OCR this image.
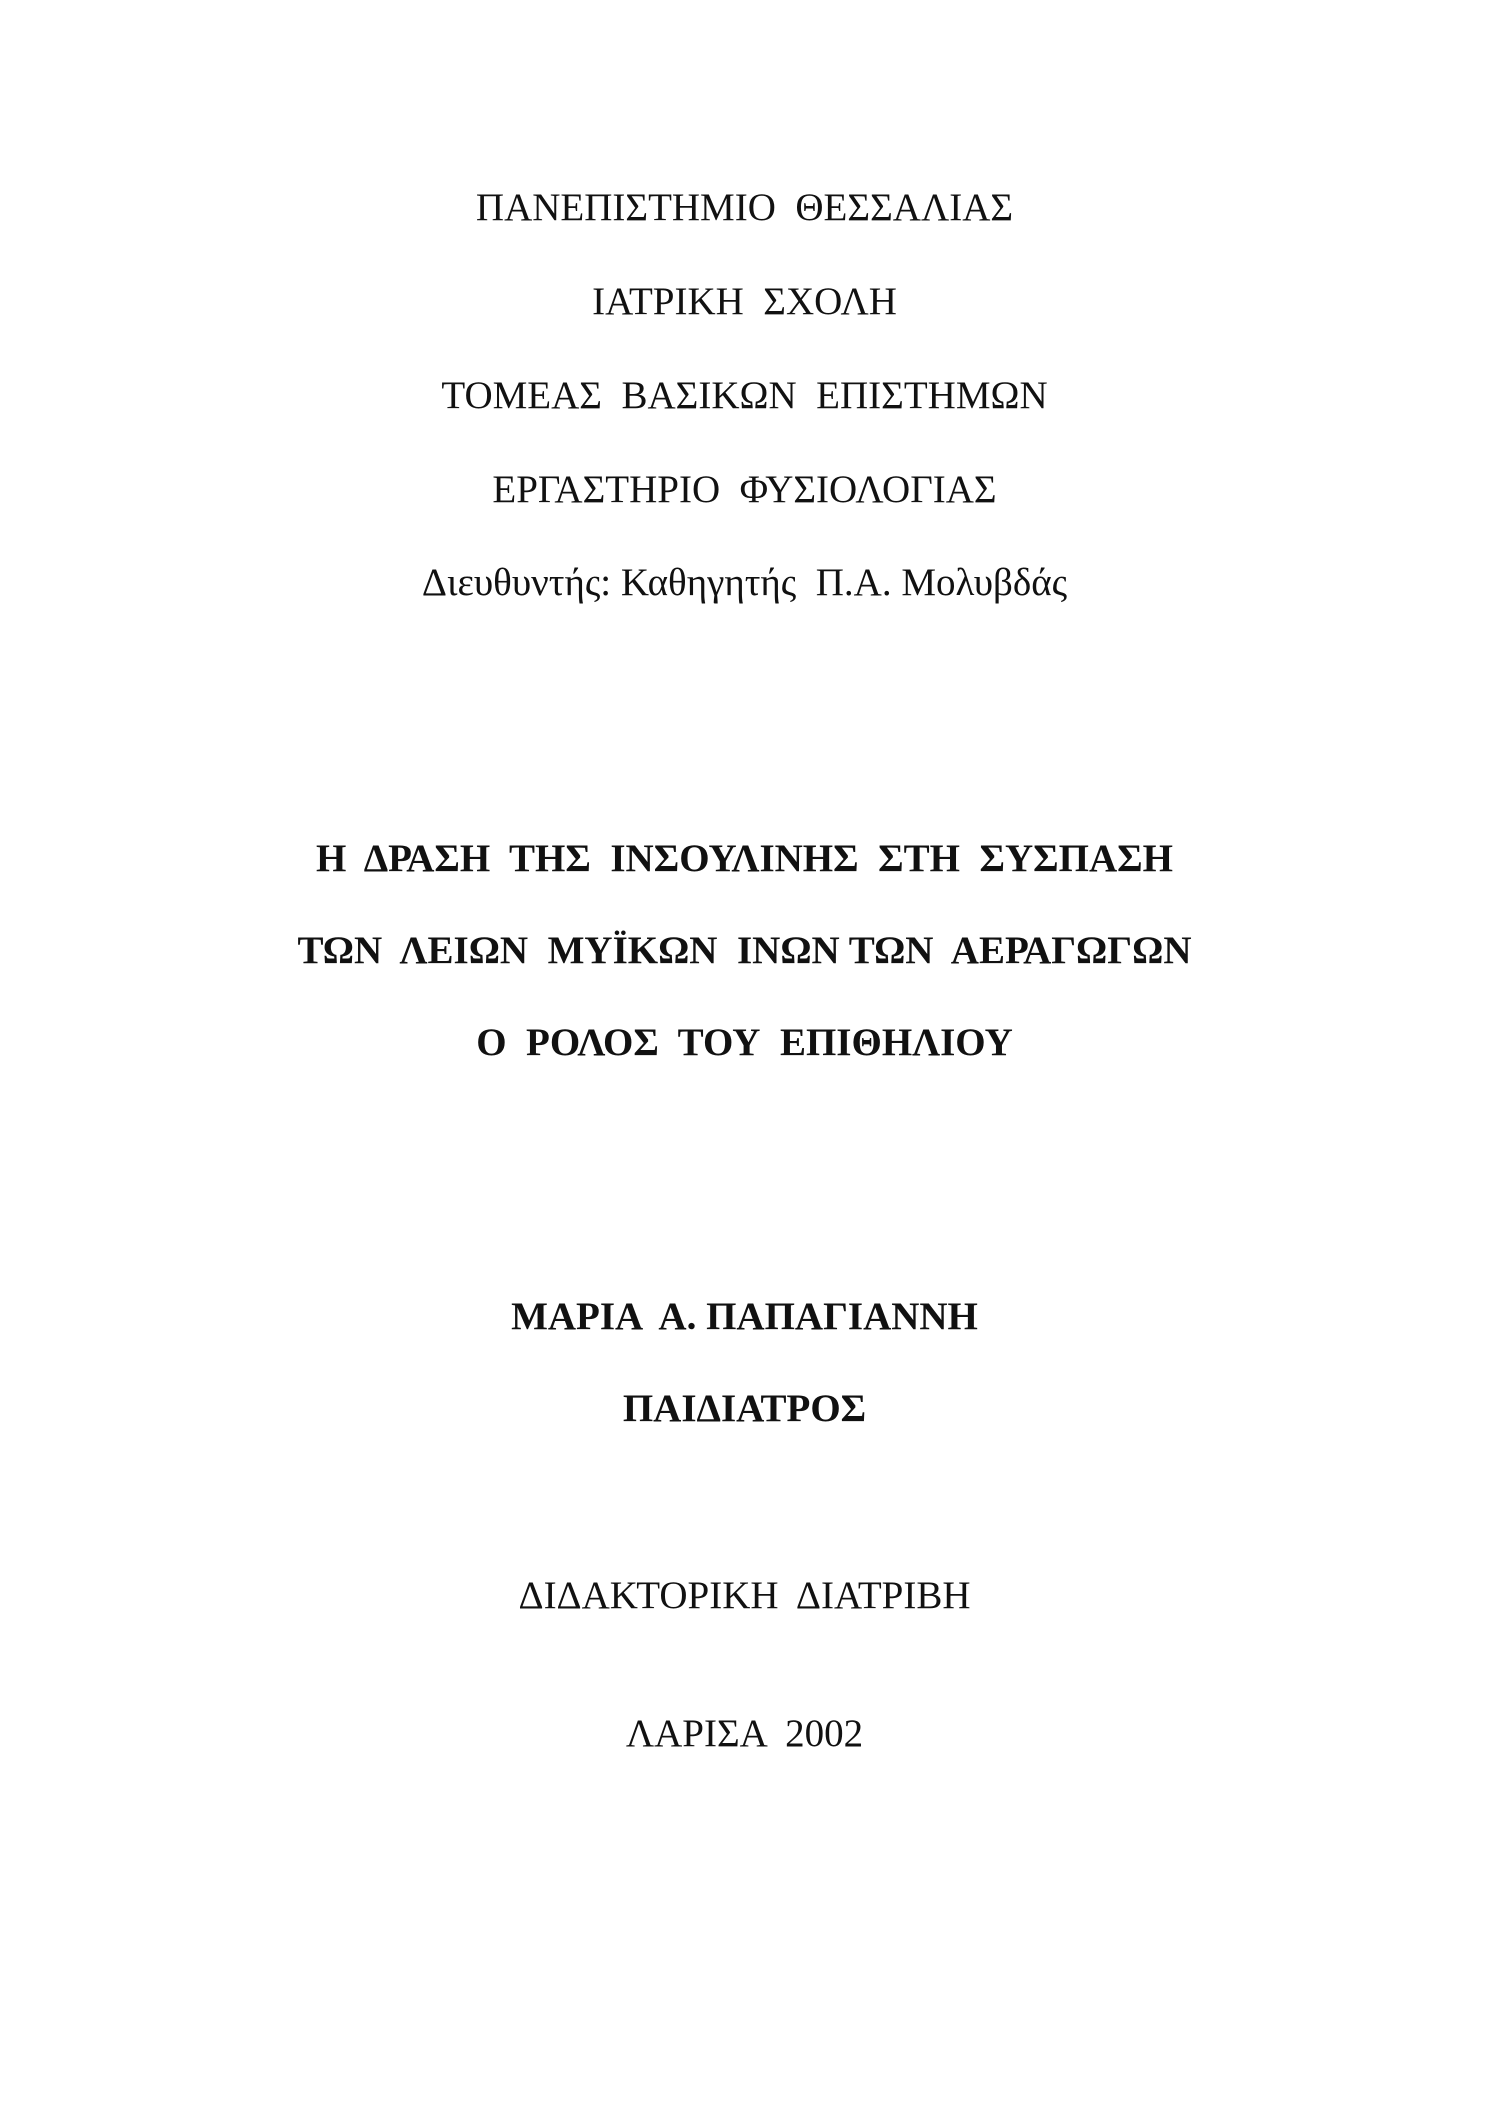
ΠΑΝΕΠΙΣΤΗΜΙΟ  ΘΕΣΣΑΛΙΑΣ
ΙΑΤΡΙΚΗ  ΣΧΟΛΗ
ΤΟΜΕΑΣ  ΒΑΣΙΚΩΝ  ΕΠΙΣΤΗΜΩΝ
ΕΡΓΑΣΤΗΡΙΟ  ΦΥΣΙΟΛΟΓΙΑΣ
Διευθυντής: Καθηγητής  Π.Α. Μολυβδάς
Η  ΔΡΑΣΗ  ΤΗΣ  ΙΝΣΟΥΛΙΝΗΣ  ΣΤΗ  ΣΥΣΠΑΣΗ
ΤΩΝ  ΛΕΙΩΝ  ΜΥΪΚΩΝ  ΙΝΩΝ ΤΩΝ  ΑΕΡΑΓΩΓΩΝ
Ο  ΡΟΛΟΣ  ΤΟΥ  ΕΠΙΘΗΛΙΟΥ
ΜΑΡΙΑ  Α. ΠΑΠΑΓΙΑΝΝΗ
ΠΑΙΔΙΑΤΡΟΣ
ΔΙΔΑΚΤΟΡΙΚΗ  ΔΙΑΤΡΙΒΗ
ΛΑΡΙΣΑ  2002
